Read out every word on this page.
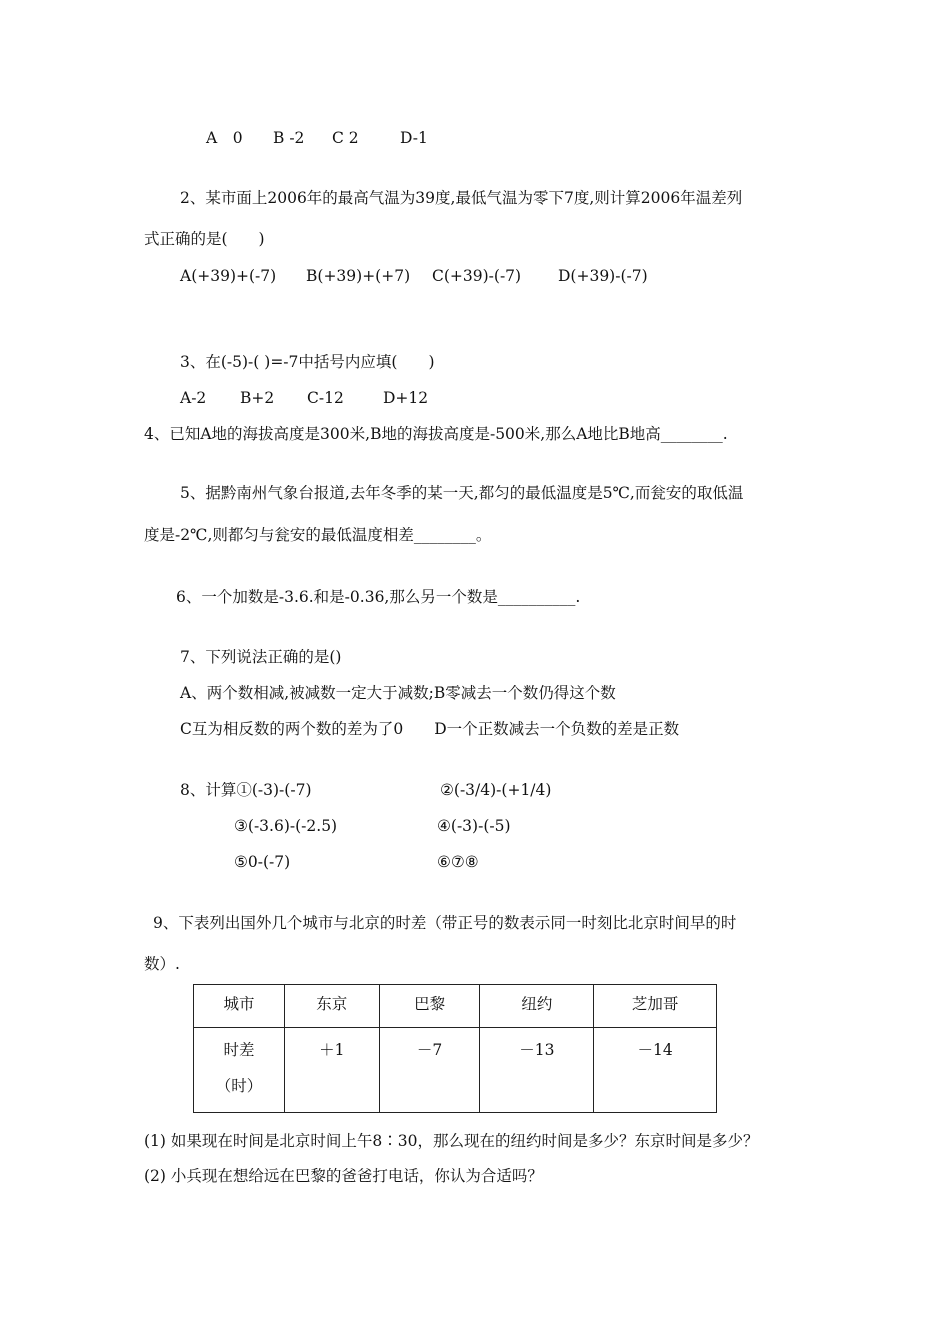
A　0 B -2 C 2	D-1
2、某市面上2006年的最高气温为39度,最低气温为零下7度,则计算2006年温差列
式正确的是(　　)
A(+39)+(-7) B(+39)+(+7) C(+39)-(-7) D(+39)-(-7)
3、在(-5)-( )=-7中括号内应填(　　)
A-2 B+2 C-12	D+12
4、已知A地的海拔高度是300米,B地的海拔高度是-500米,那么A地比B地高________.
5、据黔南州气象台报道,去年冬季的某一天,都匀的最低温度是5℃,而瓮安的取低温
度是-2℃,则都匀与瓮安的最低温度相差________。
6、一个加数是-3.6.和是-0.36,那么另一个数是__________.
7、下列说法正确的是()
A、两个数相减,被减数一定大于减数;B零减去一个数仍得这个数
C互为相反数的两个数的差为了0　　D一个正数减去一个负数的差是正数
8、计算①(-3)-(-7)	②(-3/4)-(+1/4)
③(-3.6)-(-2.5)	④(-3)-(-5)
⑤0-(-7)	⑥⑦⑧
9、下表列出国外几个城市与北京的时差（带正号的数表示同一时刻比北京时间早的时
数）.
城市	东京	巴黎	纽约	芝加哥

时差
（时）	＋1	－7	－13	－14
(1) 如果现在时间是北京时间上午8∶30，那么现在的纽约时间是多少？东京时间是多少？
(2) 小兵现在想给远在巴黎的爸爸打电话，你认为合适吗？
